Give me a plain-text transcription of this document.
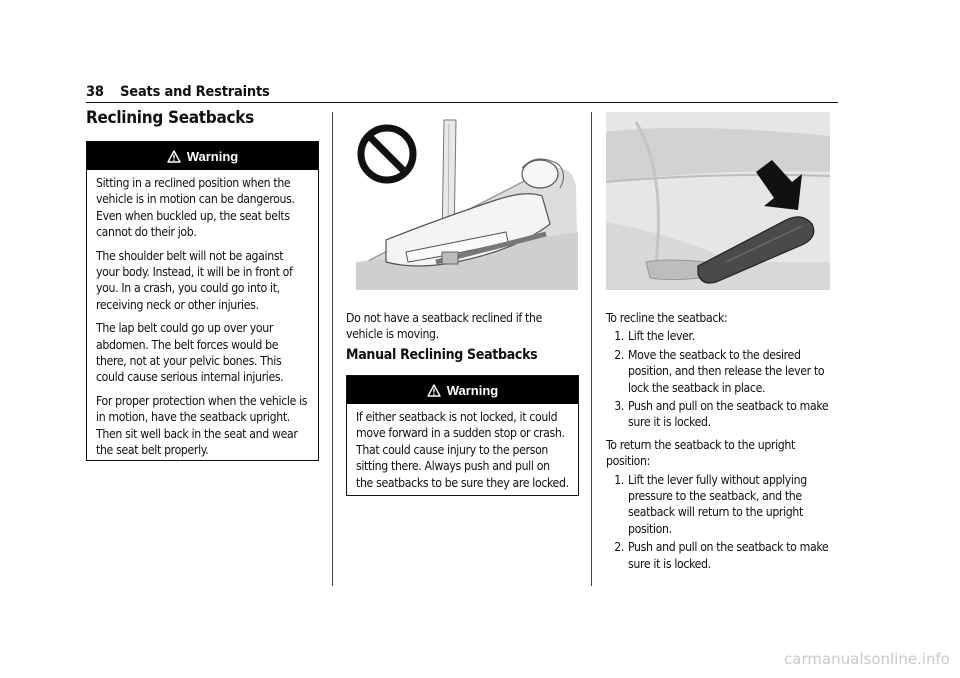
38 Seats and Restraints
Reclining Seatbacks
Warning

Sitting in a reclined position when the vehicle is in motion can be dangerous. Even when buckled up, the seat belts cannot do their job.

The shoulder belt will not be against your body. Instead, it will be in front of you. In a crash, you could go into it, receiving neck or other injuries.

The lap belt could go up over your abdomen. The belt forces would be there, not at your pelvic bones. This could cause serious internal injuries.

For proper protection when the vehicle is in motion, have the seatback upright. Then sit well back in the seat and wear the seat belt properly.

Do not have a seatback reclined if the vehicle is moving.

Manual Reclining Seatbacks
Warning

If either seatback is not locked, it could move forward in a sudden stop or crash. That could cause injury to the person sitting there. Always push and pull on the seatbacks to be sure they are locked.

To recline the seatback:

1. Lift the lever.
2. Move the seatback to the desired position, and then release the lever to lock the seatback in place.
3. Push and pull on the seatback to make sure it is locked.

To return the seatback to the upright position:

1. Lift the lever fully without applying pressure to the seatback, and the seatback will return to the upright position.
2. Push and pull on the seatback to make sure it is locked.
carmanualsonline.info
